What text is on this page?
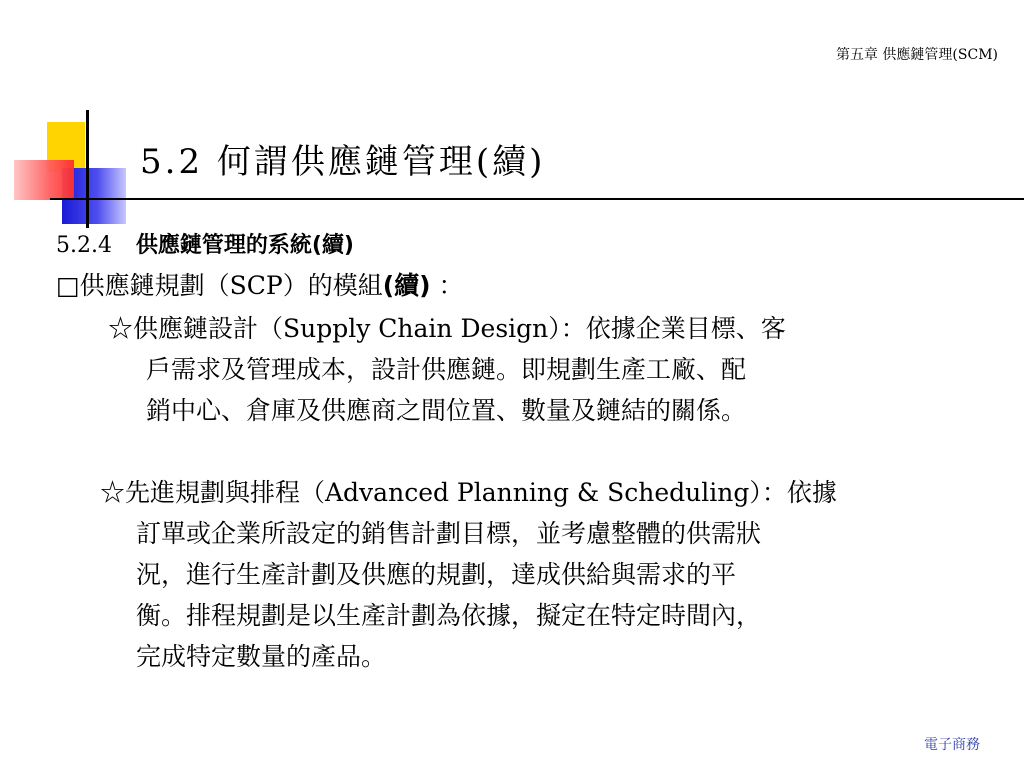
第五章 供應鏈管理(SCM)
5.2 何謂供應鏈管理(續)
5.2.4 供應鏈管理的系統(續)
□供應鏈規劃（SCP）的模組(續) ：
☆供應鏈設計（Supply Chain Design）：依據企業目標、客
戶需求及管理成本，設計供應鏈。即規劃生產工廠、配
銷中心、倉庫及供應商之間位置、數量及鏈結的關係。
☆先進規劃與排程（Advanced Planning & Scheduling）：依據
訂單或企業所設定的銷售計劃目標，並考慮整體的供需狀
況，進行生產計劃及供應的規劃，達成供給與需求的平
衡。排程規劃是以生產計劃為依據，擬定在特定時間內，
完成特定數量的產品。
電子商務
